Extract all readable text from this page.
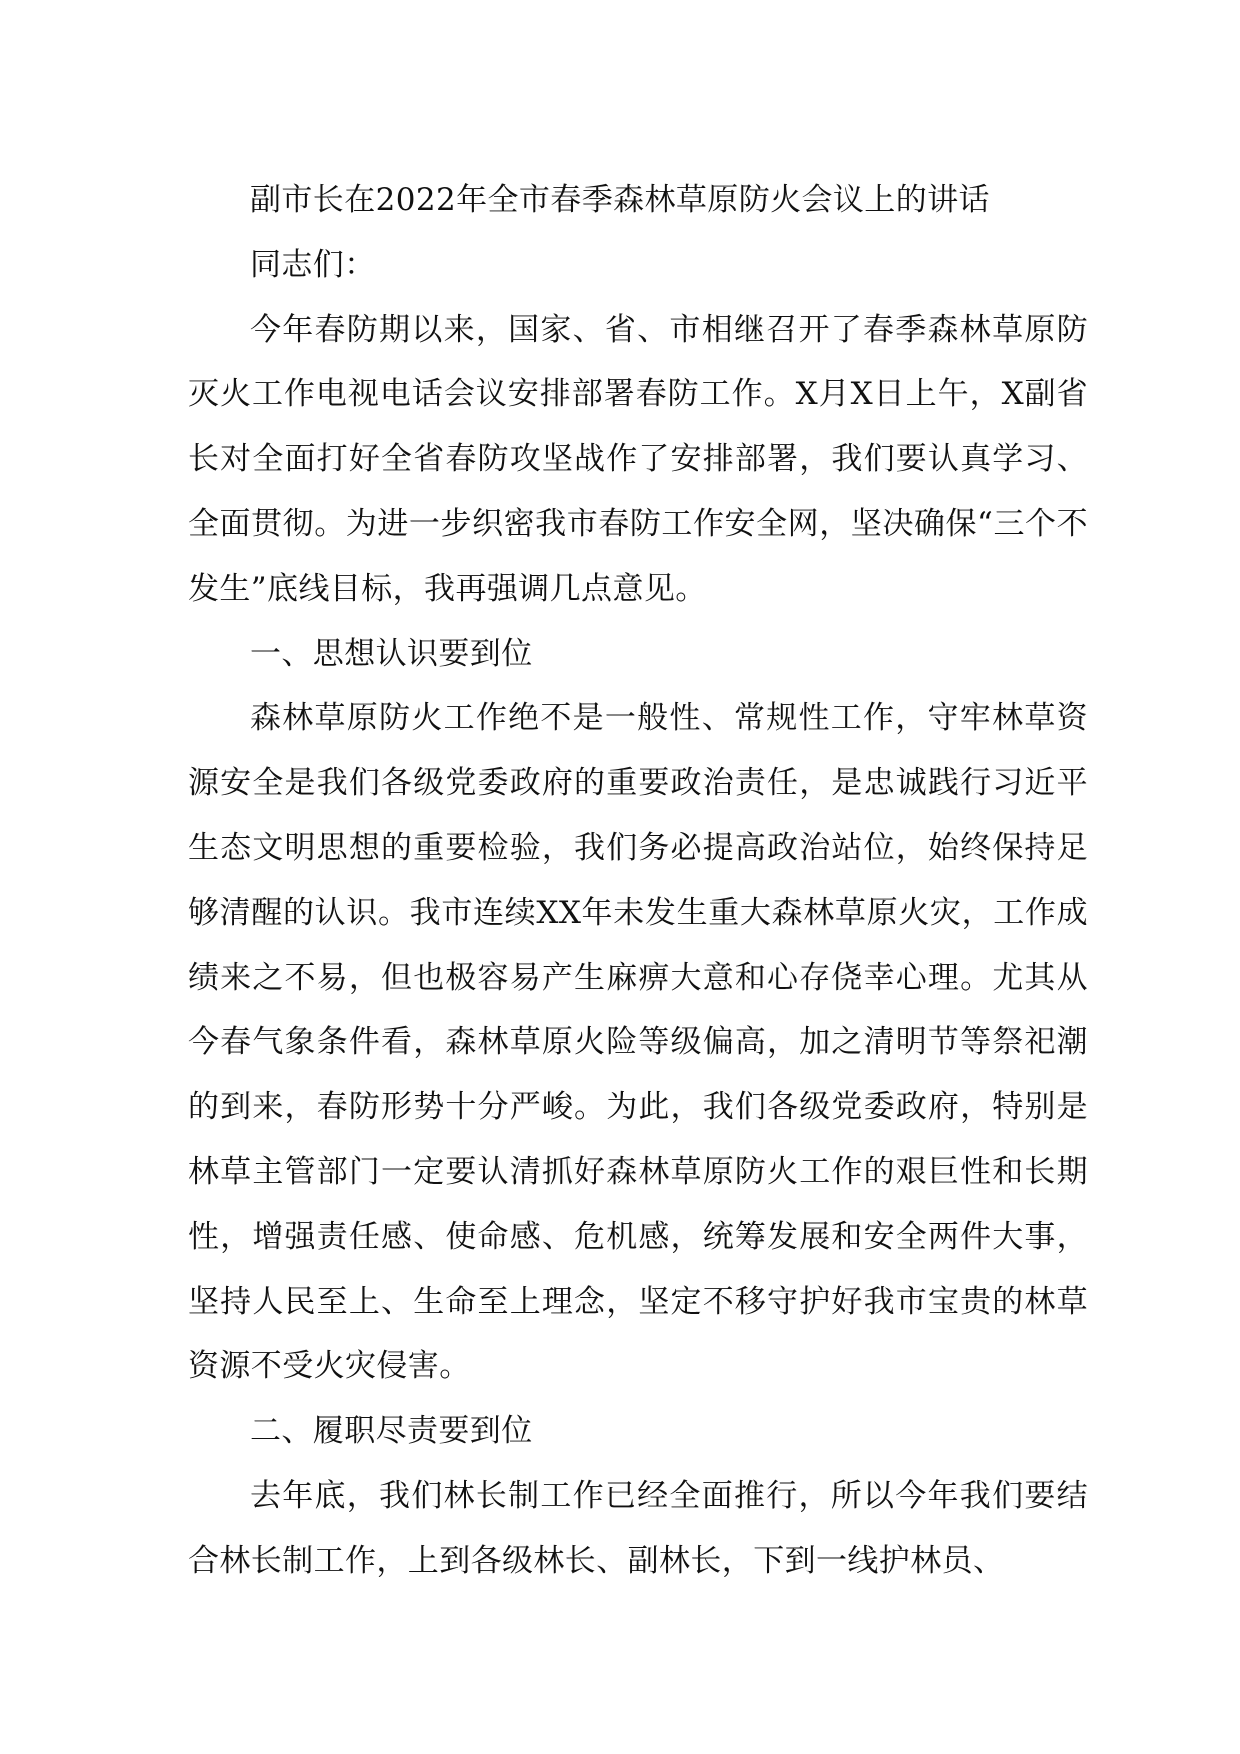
副市长在2022年全市春季森林草原防火会议上的讲话

同志们：

今年春防期以来，国家、省、市相继召开了春季森林草原防灭火工作电视电话会议安排部署春防工作。X月X日上午，X副省长对全面打好全省春防攻坚战作了安排部署，我们要认真学习、全面贯彻。为进一步织密我市春防工作安全网，坚决确保“三个不发生”底线目标，我再强调几点意见。

一、思想认识要到位

森林草原防火工作绝不是一般性、常规性工作，守牢林草资源安全是我们各级党委政府的重要政治责任，是忠诚践行习近平生态文明思想的重要检验，我们务必提高政治站位，始终保持足够清醒的认识。我市连续XX年未发生重大森林草原火灾，工作成绩来之不易，但也极容易产生麻痹大意和心存侥幸心理。尤其从今春气象条件看，森林草原火险等级偏高，加之清明节等祭祀潮的到来，春防形势十分严峻。为此，我们各级党委政府，特别是林草主管部门一定要认清抓好森林草原防火工作的艰巨性和长期性，增强责任感、使命感、危机感，统筹发展和安全两件大事，坚持人民至上、生命至上理念，坚定不移守护好我市宝贵的林草资源不受火灾侵害。

二、履职尽责要到位

去年底，我们林长制工作已经全面推行，所以今年我们要结合林长制工作，上到各级林长、副林长，下到一线护林员、
